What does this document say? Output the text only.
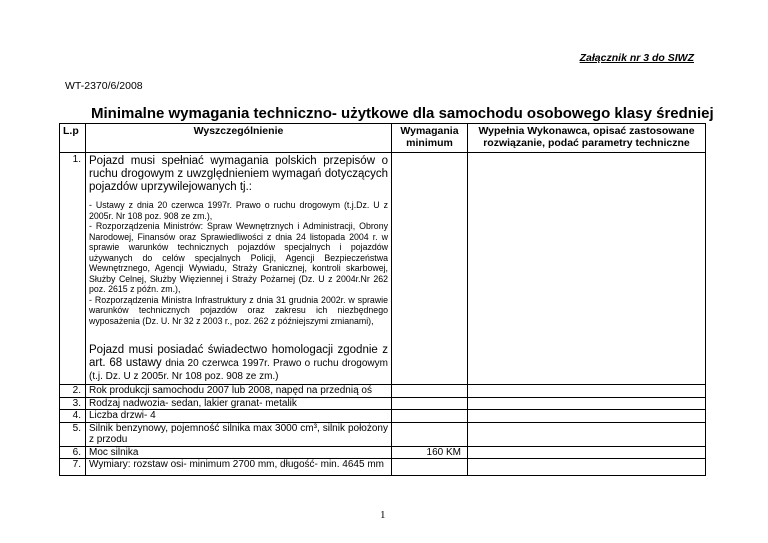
Załącznik nr 3 do SIWZ
WT-2370/6/2008
Minimalne wymagania techniczno- użytkowe dla samochodu osobowego klasy średniej
L.p	Wyszczególnienie	Wymagania minimum	Wypełnia Wykonawca, opisać zastosowane rozwiązanie, podać parametry techniczne
1.	Pojazd musi spełniać wymagania polskich przepisów o ruchu drogowym z uwzględnieniem wymagań dotyczących pojazdów uprzywilejowanych tj.:
- Ustawy z dnia 20 czerwca 1997r. Prawo o ruchu drogowym (t.j.Dz. U z 2005r. Nr 108 poz. 908 ze zm.),
- Rozporządzenia Ministrów: Spraw Wewnętrznych i Administracji, Obrony Narodowej, Finansów oraz Sprawiedliwości z dnia 24 listopada 2004 r. w sprawie warunków technicznych pojazdów specjalnych i pojazdów używanych do celów specjalnych Policji, Agencji Bezpieczeństwa Wewnętrznego, Agencji Wywiadu, Straży Granicznej, kontroli skarbowej, Służby Celnej, Służby Więziennej i Straży Pożarnej (Dz. U z 2004r.Nr 262 poz. 2615 z późn. zm.),
- Rozporządzenia Ministra Infrastruktury z dnia 31 grudnia 2002r. w sprawie warunków technicznych pojazdów oraz zakresu ich niezbędnego wyposażenia (Dz. U. Nr 32 z 2003 r., poz. 262 z późniejszymi zmianami),
Pojazd musi posiadać świadectwo homologacji zgodnie z art. 68 ustawy dnia 20 czerwca 1997r. Prawo o ruchu drogowym (t.j. Dz. U z 2005r. Nr 108 poz. 908 ze zm.)		

2.	Rok produkcji samochodu 2007 lub 2008, napęd na przednią oś		
3.	Rodzaj nadwozia- sedan, lakier granat- metalik		
4.	Liczba drzwi- 4		
5.	Silnik benzynowy, pojemność silnika max 3000 cm³, silnik położony z przodu		
6.	Moc silnika	160 KM	
7.	Wymiary: rozstaw osi- minimum 2700 mm, długość- min. 4645 mm		
1
